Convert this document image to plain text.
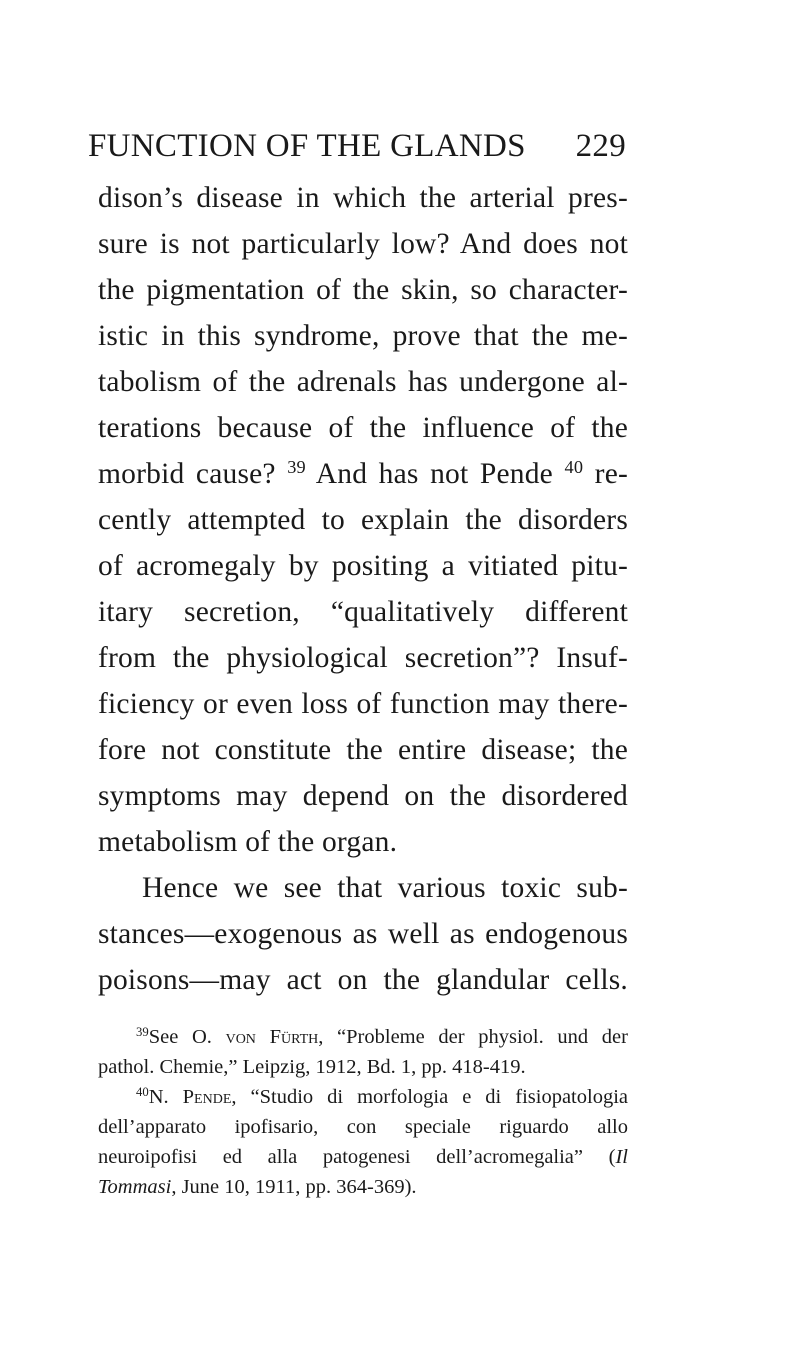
FUNCTION OF THE GLANDS 229
dison’s disease in which the arterial pres-
sure is not particularly low? And does not
the pigmentation of the skin, so character-
istic in this syndrome, prove that the me-
tabolism of the adrenals has undergone al-
terations because of the influence of the
morbid cause? $^{39}$ And has not Pende $^{40}$ re-
cently attempted to explain the disorders
of acromegaly by positing a vitiated pitu-
itary secretion, “qualitatively different
from the physiological secretion”? Insuf-
ficiency or even loss of function may there-
fore not constitute the entire disease; the
symptoms may depend on the disordered
metabolism of the organ.
Hence we see that various toxic sub-
stances—exogenous as well as endogenous
poisons—may act on the glandular cells.
$^{39}$See O. von Fürth, “Probleme der physiol. und der
pathol. Chemie,” Leipzig, 1912, Bd. 1, pp. 418-419.
$^{40}$N. Pende, “Studio di morfologia e di fisiopatologia
dell’apparato ipofisario, con speciale riguardo allo
neuroipofisi ed alla patogenesi dell’acromegalia” (Il
Tommasi, June 10, 1911, pp. 364-369).
